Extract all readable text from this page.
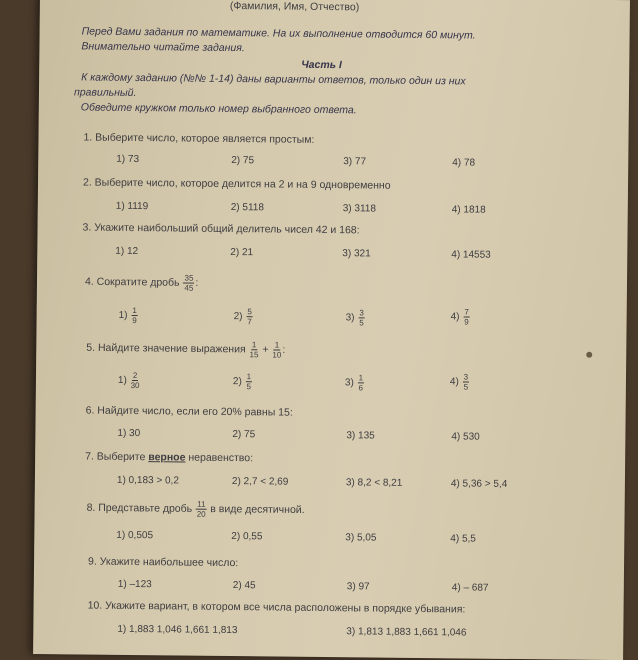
(Фамилия, Имя, Отчество)
Перед Вами задания по математике. На их выполнение отводится 60 минут.
Внимательно читайте задания.
Часть I
К каждому заданию (№№ 1-14) даны варианты ответов, только один из них
правильный.
Обведите кружком только номер выбранного ответа.
1. Выберите число, которое является простым:
1) 73	2) 75	3) 77	4) 78
2. Выберите число, которое делится на 2 и на 9 одновременно
1) 1119	2) 5118	3) 3118	4) 1818
3. Укажите наибольший общий делитель чисел 42 и 168:
1) 12	2) 21	3) 321	4) 14553
4. Сократите дробь $\frac{35}{45}$ :
$1) \frac{1}{9}$	$2) \frac{5}{7}$	$3) \frac{3}{5}$	$4) \frac{7}{9}$
5. Найдите значение выражения $\frac{1}{15} + \frac{1}{10}$ :
$1) \frac{2}{30}$	$2) \frac{1}{5}$	$3) \frac{1}{6}$	$4) \frac{3}{5}$
6. Найдите число, если его 20% равны 15:
1) 30	2) 75	3) 135	4) 530
7. Выберите верное неравенство:
1) 0,183 > 0,2	2) 2,7 < 2,69	3) 8,2 < 8,21	4) 5,36 > 5,4
8. Представьте дробь $\frac{11}{20}$ в виде десятичной.
1) 0,505	2) 0,55	3) 5,05	4) 5,5
9. Укажите наибольшее число:
1) –123	2) 45	3) 97	4) – 687
10. Укажите вариант, в котором все числа расположены в порядке убывания:
1) 1,883 1,046 1,661 1,813	3) 1,813 1,883 1,661 1,046
